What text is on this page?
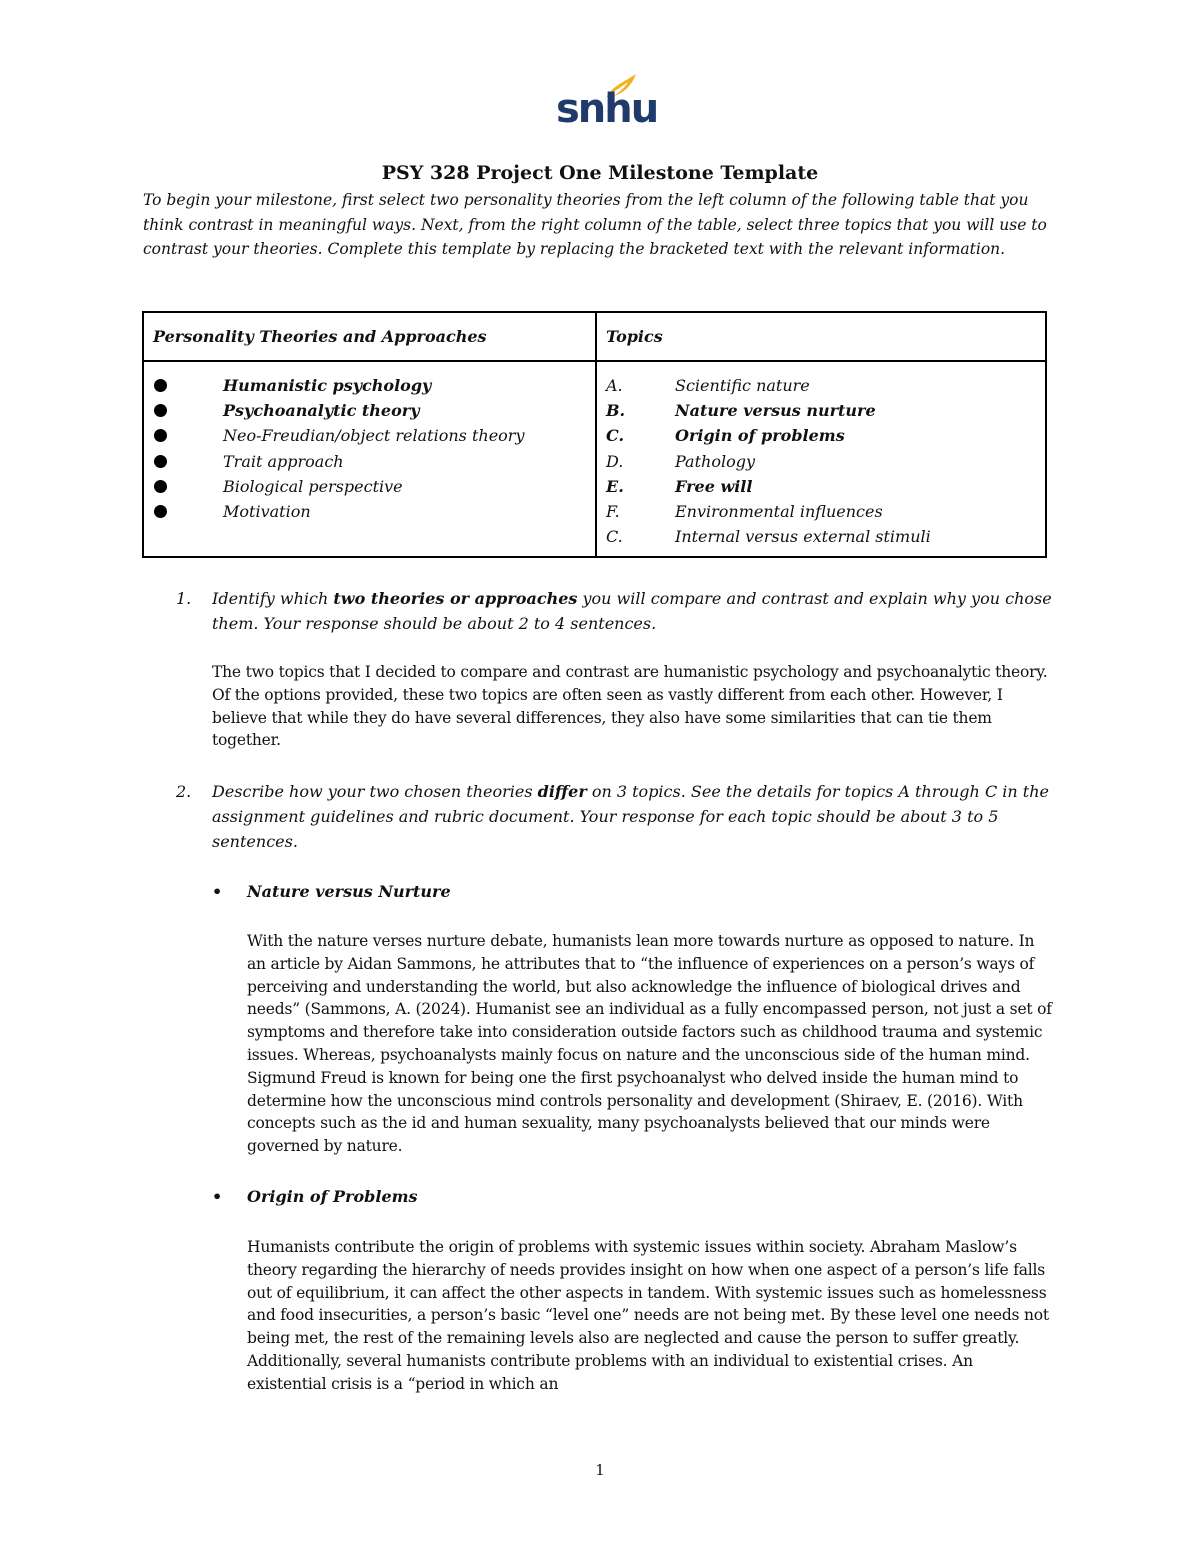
snhu
PSY 328 Project One Milestone Template
To begin your milestone, first select two personality theories from the left column of the following table that you think contrast in meaningful ways. Next, from the right column of the table, select three topics that you will use to contrast your theories. Complete this template by replacing the bracketed text with the relevant information.
Personality Theories and Approaches	Topics
Humanistic psychology
Psychoanalytic theory
Neo-Freudian/object relations theory
Trait approach
Biological perspective
Motivation
A.	Scientific nature
B.	Nature versus nurture
C.	Origin of problems
D.	Pathology
E.	Free will
F.	Environmental influences
C.	Internal versus external stimuli
1. Identify which two theories or approaches you will compare and contrast and explain why you chose them. Your response should be about 2 to 4 sentences.
The two topics that I decided to compare and contrast are humanistic psychology and psychoanalytic theory. Of the options provided, these two topics are often seen as vastly different from each other. However, I believe that while they do have several differences, they also have some similarities that can tie them together.
2. Describe how your two chosen theories differ on 3 topics. See the details for topics A through C in the assignment guidelines and rubric document. Your response for each topic should be about 3 to 5 sentences.
• Nature versus Nurture
With the nature verses nurture debate, humanists lean more towards nurture as opposed to nature. In an article by Aidan Sammons, he attributes that to “the influence of experiences on a person’s ways of perceiving and understanding the world, but also acknowledge the influence of biological drives and needs” (Sammons, A. (2024). Humanist see an individual as a fully encompassed person, not just a set of symptoms and therefore take into consideration outside factors such as childhood trauma and systemic issues. Whereas, psychoanalysts mainly focus on nature and the unconscious side of the human mind. Sigmund Freud is known for being one the first psychoanalyst who delved inside the human mind to determine how the unconscious mind controls personality and development (Shiraev, E. (2016). With concepts such as the id and human sexuality, many psychoanalysts believed that our minds were governed by nature.
• Origin of Problems
Humanists contribute the origin of problems with systemic issues within society. Abraham Maslow’s theory regarding the hierarchy of needs provides insight on how when one aspect of a person’s life falls out of equilibrium, it can affect the other aspects in tandem. With systemic issues such as homelessness and food insecurities, a person’s basic “level one” needs are not being met. By these level one needs not being met, the rest of the remaining levels also are neglected and cause the person to suffer greatly. Additionally, several humanists contribute problems with an individual to existential crises. An existential crisis is a “period in which an
1
